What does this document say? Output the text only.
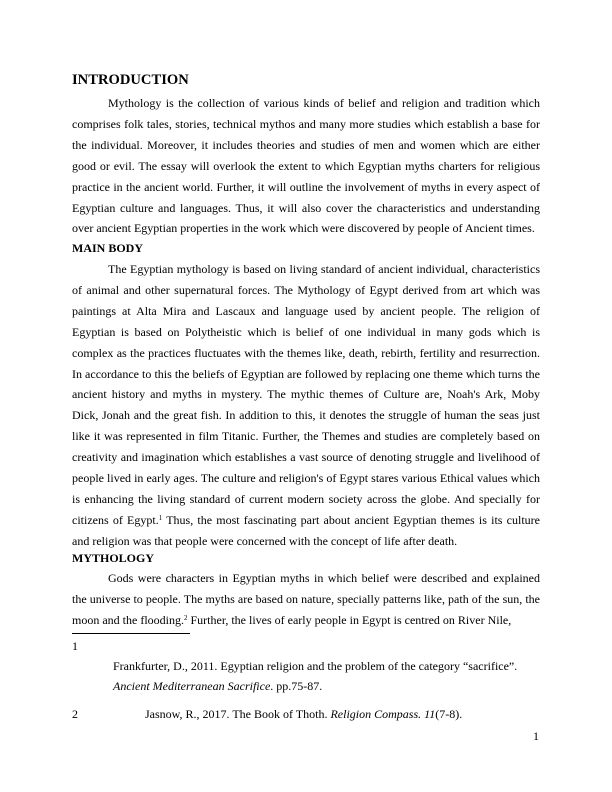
INTRODUCTION

Mythology is the collection of various kinds of belief and religion and tradition which comprises folk tales, stories, technical mythos and many more studies which establish a base for the individual. Moreover, it includes theories and studies of men and women which are either good or evil. The essay will overlook the extent to which Egyptian myths charters for religious practice in the ancient world. Further, it will outline the involvement of myths in every aspect of Egyptian culture and languages. Thus, it will also cover the characteristics and understanding over ancient Egyptian properties in the work which were discovered by people of Ancient times.

MAIN BODY

The Egyptian mythology is based on living standard of ancient individual, characteristics of animal and other supernatural forces. The Mythology of Egypt derived from art which was paintings at Alta Mira and Lascaux and language used by ancient people. The religion of Egyptian is based on Polytheistic which is belief of one individual in many gods which is complex as the practices fluctuates with the themes like, death, rebirth, fertility and resurrection. In accordance to this the beliefs of Egyptian are followed by replacing one theme which turns the ancient history and myths in mystery. The mythic themes of Culture are, Noah's Ark, Moby Dick, Jonah and the great fish. In addition to this, it denotes the struggle of human the seas just like it was represented in film Titanic. Further, the Themes and studies are completely based on creativity and imagination which establishes a vast source of denoting struggle and livelihood of people lived in early ages. The culture and religion's of Egypt stares various Ethical values which is enhancing the living standard of current modern society across the globe. And specially for citizens of Egypt.$^1$ Thus, the most fascinating part about ancient Egyptian themes is its culture and religion was that people were concerned with the concept of life after death.

MYTHOLOGY

Gods were characters in Egyptian myths in which belief were described and explained the universe to people. The myths are based on nature, specially patterns like, path of the sun, the moon and the flooding.$^2$ Further, the lives of early people in Egypt is centred on River Nile,

1

Frankfurter, D., 2011. Egyptian religion and the problem of the category “sacrifice”. Ancient Mediterranean Sacrifice. pp.75-87.

2	Jasnow, R., 2017. The Book of Thoth. Religion Compass. 11(7-8).

1
